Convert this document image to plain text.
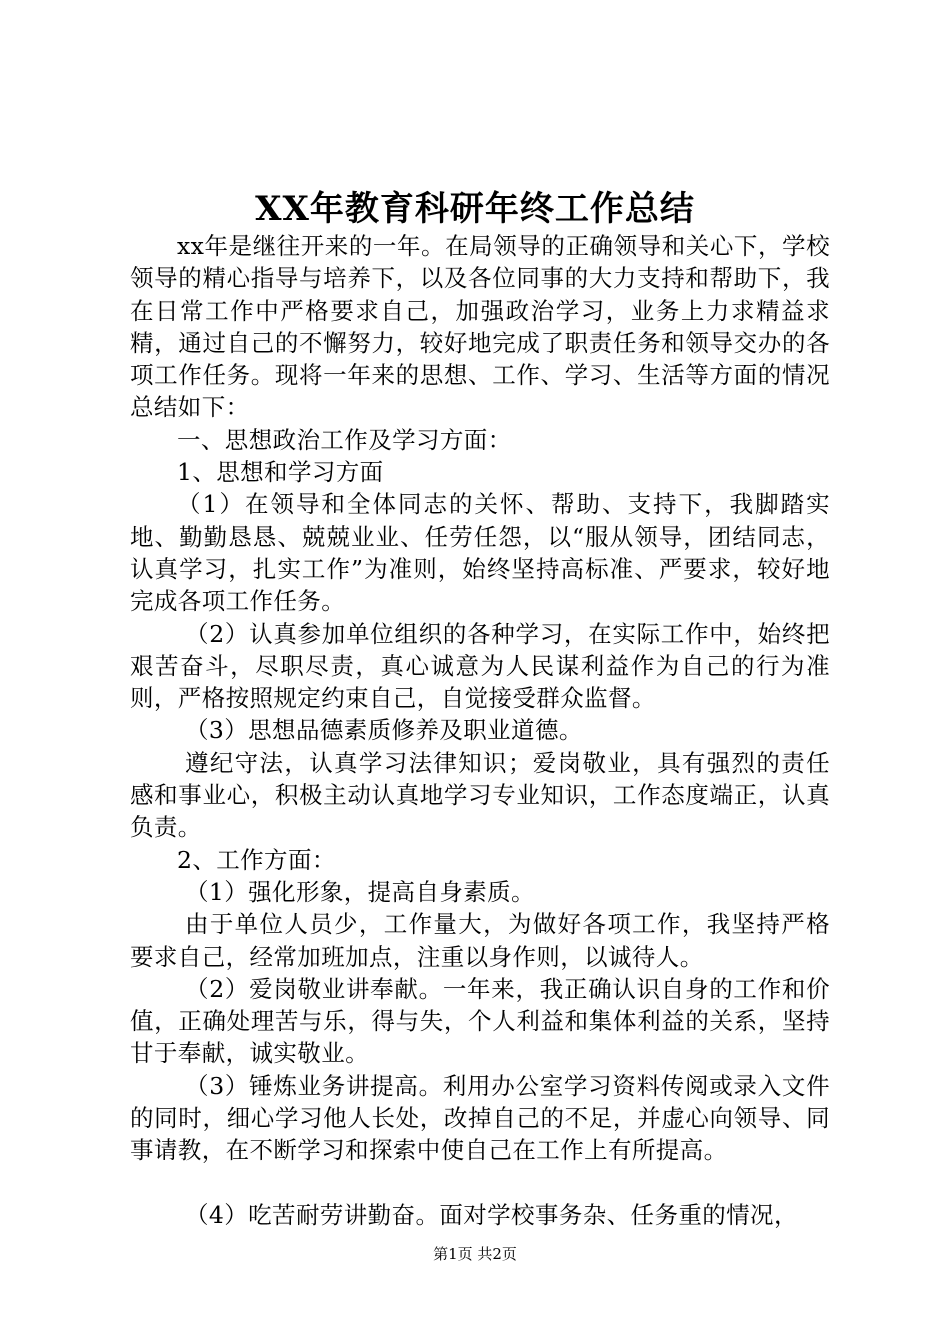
XX年教育科研年终工作总结

xx年是继往开来的一年。在局领导的正确领导和关心下，学校领导的精心指导与培养下，以及各位同事的大力支持和帮助下，我在日常工作中严格要求自己，加强政治学习，业务上力求精益求精，通过自己的不懈努力，较好地完成了职责任务和领导交办的各项工作任务。现将一年来的思想、工作、学习、生活等方面的情况总结如下：

一、思想政治工作及学习方面：

1、思想和学习方面

（1）在领导和全体同志的关怀、帮助、支持下，我脚踏实地、勤勤恳恳、兢兢业业、任劳任怨，以“服从领导，团结同志，认真学习，扎实工作”为准则，始终坚持高标准、严要求，较好地完成各项工作任务。

（2）认真参加单位组织的各种学习，在实际工作中，始终把艰苦奋斗，尽职尽责，真心诚意为人民谋利益作为自己的行为准则，严格按照规定约束自己，自觉接受群众监督。

（3）思想品德素质修养及职业道德。

遵纪守法，认真学习法律知识；爱岗敬业，具有强烈的责任感和事业心，积极主动认真地学习专业知识，工作态度端正，认真负责。

2、工作方面：

（1）强化形象，提高自身素质。

由于单位人员少，工作量大，为做好各项工作，我坚持严格要求自己，经常加班加点，注重以身作则，以诚待人。

（2）爱岗敬业讲奉献。一年来，我正确认识自身的工作和价值，正确处理苦与乐，得与失，个人利益和集体利益的关系，坚持甘于奉献，诚实敬业。

（3）锤炼业务讲提高。利用办公室学习资料传阅或录入文件的同时，细心学习他人长处，改掉自己的不足，并虚心向领导、同事请教，在不断学习和探索中使自己在工作上有所提高。

（4）吃苦耐劳讲勤奋。面对学校事务杂、任务重的情况，

第1页 共2页
